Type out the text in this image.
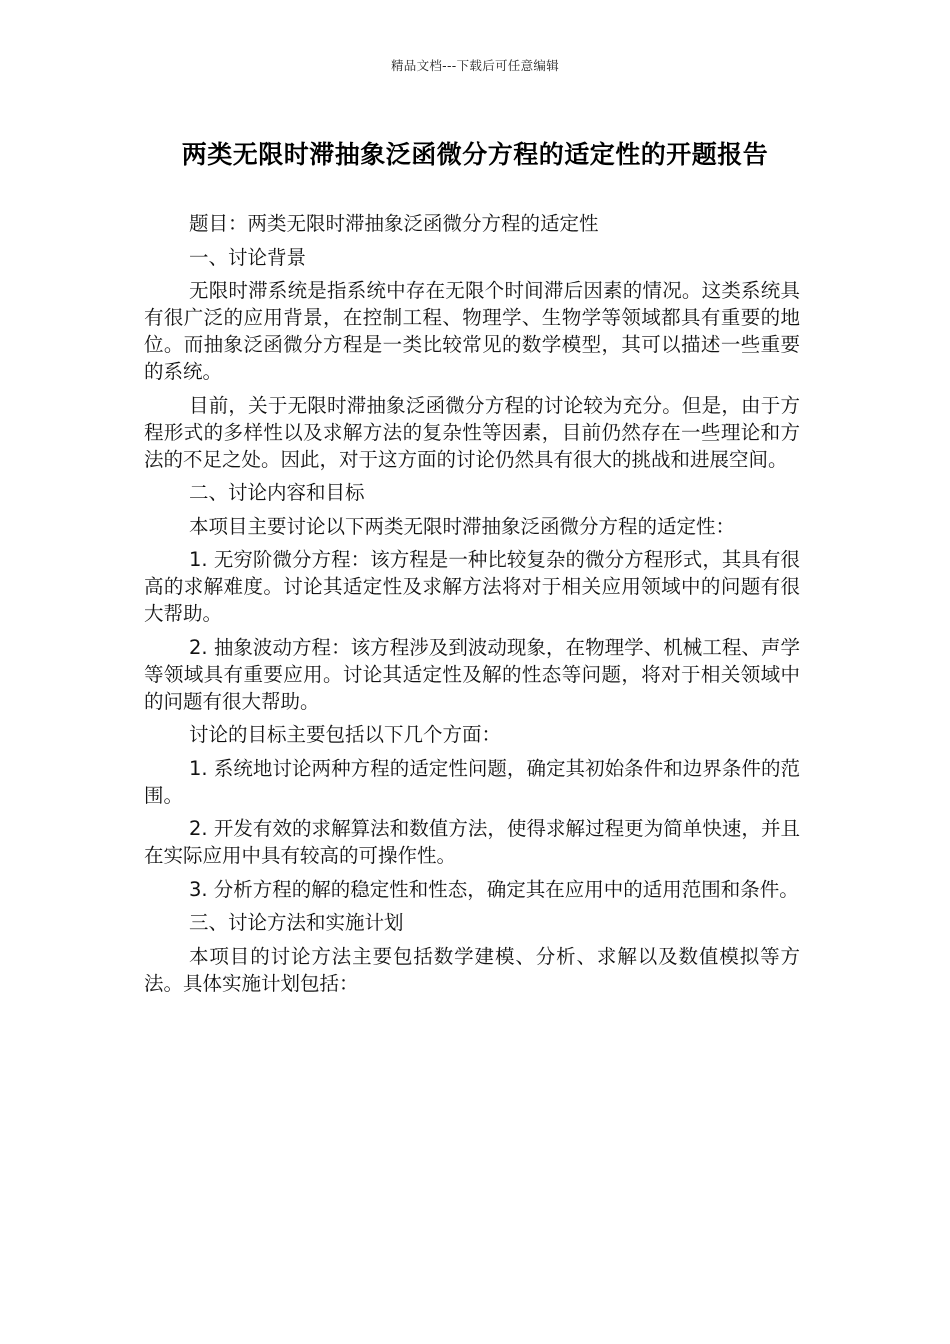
精品文档---下载后可任意编辑
两类无限时滞抽象泛函微分方程的适定性的开题报告

题目：两类无限时滞抽象泛函微分方程的适定性

一、讨论背景

无限时滞系统是指系统中存在无限个时间滞后因素的情况。这类系统具有很广泛的应用背景，在控制工程、物理学、生物学等领域都具有重要的地位。而抽象泛函微分方程是一类比较常见的数学模型，其可以描述一些重要的系统。

目前，关于无限时滞抽象泛函微分方程的讨论较为充分。但是，由于方程形式的多样性以及求解方法的复杂性等因素，目前仍然存在一些理论和方法的不足之处。因此，对于这方面的讨论仍然具有很大的挑战和进展空间。

二、讨论内容和目标

本项目主要讨论以下两类无限时滞抽象泛函微分方程的适定性：

1. 无穷阶微分方程：该方程是一种比较复杂的微分方程形式，其具有很高的求解难度。讨论其适定性及求解方法将对于相关应用领域中的问题有很大帮助。

2. 抽象波动方程：该方程涉及到波动现象，在物理学、机械工程、声学等领域具有重要应用。讨论其适定性及解的性态等问题，将对于相关领域中的问题有很大帮助。

讨论的目标主要包括以下几个方面：

1. 系统地讨论两种方程的适定性问题，确定其初始条件和边界条件的范围。

2. 开发有效的求解算法和数值方法，使得求解过程更为简单快速，并且在实际应用中具有较高的可操作性。

3. 分析方程的解的稳定性和性态，确定其在应用中的适用范围和条件。

三、讨论方法和实施计划

本项目的讨论方法主要包括数学建模、分析、求解以及数值模拟等方法。具体实施计划包括：
